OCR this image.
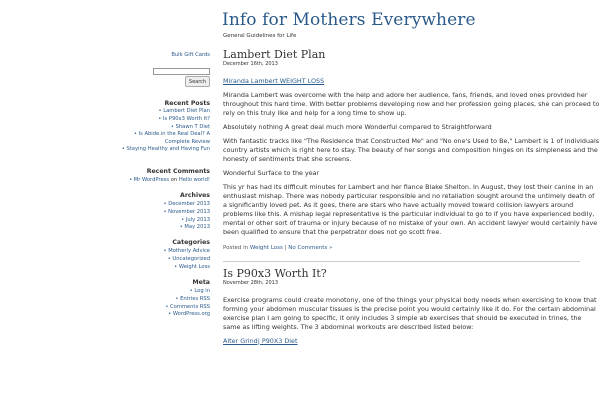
Info for Mothers Everywhere
General Guidelines for Life
Bulk Gift Cards
Search
Recent Posts
• Lambert Diet Plan
• Is P90x3 Worth It?
• Shawn T Diet
• Is Abide.in the Real Deal? A Complete Review
• Staying Healthy and Having Fun
Recent Comments
• Mr WordPress on Hello world!
Archives
• December 2013
• November 2013
• July 2013
• May 2013
Categories
• Motherly Advice
• Uncategorized
• Weight Loss
Meta
• Log in
• Entries RSS
• Comments RSS
• WordPress.org
Lambert Diet Plan
December 16th, 2013

Miranda Lambert WEIGHT LOSS

Miranda Lambert was overcome with the help and adore her audience, fans, friends, and loved ones provided her throughout this hard time. With better problems developing now and her profession going places, she can proceed to rely on this truly like and help for a long time to show up.

Absolutely nothing A great deal much more Wonderful compared to Straightforward

With fantastic tracks like "The Residence that Constructed Me" and "No one's Used to Be," Lambert is 1 of individuals country artists which is right here to stay. The beauty of her songs and composition hinges on its simpleness and the honesty of sentiments that she screens.

Wonderful Surface to the year

This yr has had its difficult minutes for Lambert and her fiance Blake Shelton. In August, they lost their canine in an enthusiast mishap. There was nobody particular responsible and no retaliation sought around the untimely death of a significantly loved pet. As it goes, there are stars who have actually moved toward collision lawyers around problems like this. A mishap legal representative is the particular individual to go to if you have experienced bodily, mental or other sort of trauma or injury because of no mistake of your own. An accident lawyer would certainly have been qualified to ensure that the perpetrator does not go scott free.

Posted in Weight Loss | No Comments »
Is P90x3 Worth It?
November 28th, 2013

Exercise programs could create monotony, one of the things your physical body needs when exercising to know that forming your abdomen muscular tissues is the precise point you would certainly like it do. For the certain abdominal exercise plan I am going to specific, it only includes 3 simple ab exercises that should be executed in trines, the same as lifting weights. The 3 abdominal workouts are described listed below:

Alter Grind| P90X3 Diet
